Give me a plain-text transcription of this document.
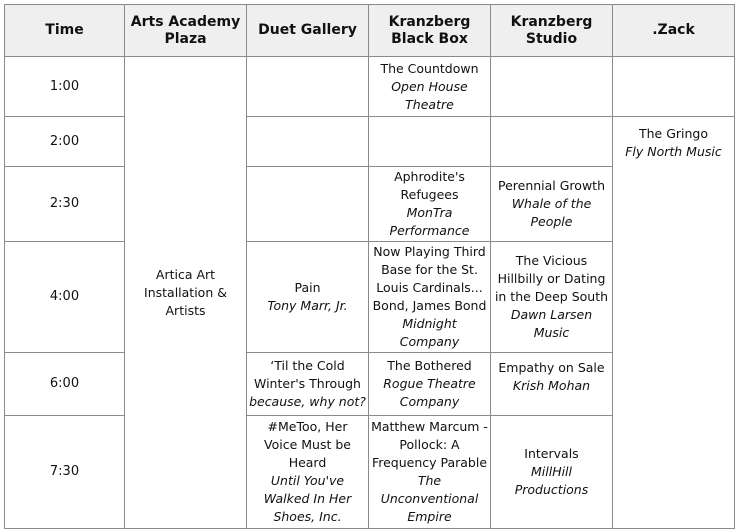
Time	Arts Academy Plaza	Duet Gallery	Kranzberg Black Box	Kranzberg Studio	.Zack
1:00	Artica Art Installation & Artists		The Countdown
Open House Theatre		

2:00					The Gringo
Fly North Music

2:30			Aphrodite's Refugees
MonTra Performance	Perennial Growth
Whale of the People	

4:00		Pain
Tony Marr, Jr.	Now Playing Third Base for the St. Louis Cardinals... Bond, James Bond
Midnight Company	The Vicious Hillbilly or Dating in the Deep South
Dawn Larsen Music	

6:00		‘Til the Cold Winter's Through
because, why not?	The Bothered
Rogue Theatre Company	Empathy on Sale
Krish Mohan	

7:30		#MeToo, Her Voice Must be Heard
Until You've Walked In Her Shoes, Inc.	Matthew Marcum - Pollock: A Frequency Parable
The Unconventional Empire	Intervals
MillHill Productions	
